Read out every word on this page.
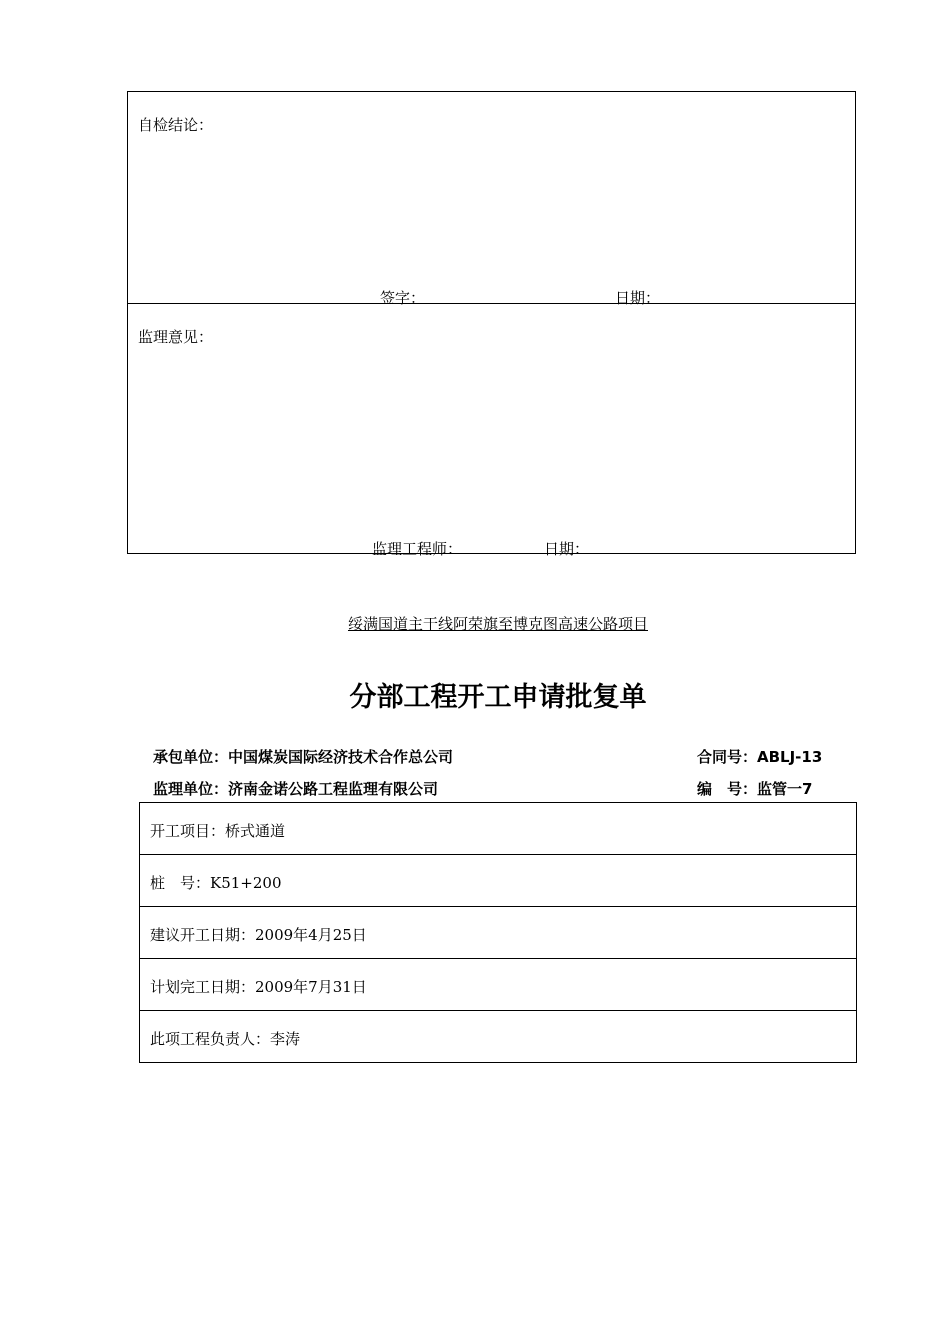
自检结论：
签字：	日期：
监理意见：
监理工程师：	日期：
绥满国道主干线阿荣旗至博克图高速公路项目
分部工程开工申请批复单
承包单位：中国煤炭国际经济技术合作总公司	合同号：ABLJ-13
监理单位：济南金诺公路工程监理有限公司	编　号：监管一7
开工项目：桥式通道
桩　号：K51+200
建议开工日期：2009年4月25日
计划完工日期：2009年7月31日
此项工程负责人：李涛
